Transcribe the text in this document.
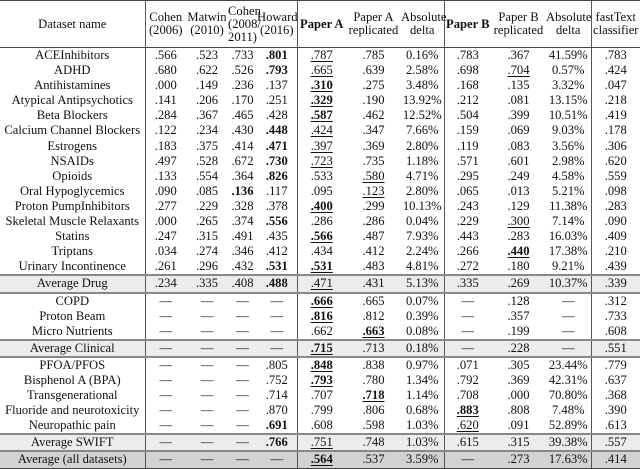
Dataset name	Cohen (2006)	Matwin (2010)	Cohen (2008/ 2011)	Howard (2016)	Paper A	Paper A replicated	Absolute delta	Paper B	Paper B replicated	Absolute delta	fastText classifier
ACEInhibitors	.566	.523	.733	.801	.787	.785	0.16%	.783	.367	41.59%	.783
ADHD	.680	.622	.526	.793	.665	.639	2.58%	.698	.704	0.57%	.424
Antihistamines	.000	.149	.236	.137	.310	.275	3.48%	.168	.135	3.32%	.047
Atypical Antipsychotics	.141	.206	.170	.251	.329	.190	13.92%	.212	.081	13.15%	.218
Beta Blockers	.284	.367	.465	.428	.587	.462	12.52%	.504	.399	10.51%	.419
Calcium Channel Blockers	.122	.234	.430	.448	.424	.347	7.66%	.159	.069	9.03%	.178
Estrogens	.183	.375	.414	.471	.397	.369	2.80%	.119	.083	3.56%	.306
NSAIDs	.497	.528	.672	.730	.723	.735	1.18%	.571	.601	2.98%	.620
Opioids	.133	.554	.364	.826	.533	.580	4.71%	.295	.249	4.58%	.559
Oral Hypoglycemics	.090	.085	.136	.117	.095	.123	2.80%	.065	.013	5.21%	.098
Proton PumpInhibitors	.277	.229	.328	.378	.400	.299	10.13%	.243	.129	11.38%	.283
Skeletal Muscle Relaxants	.000	.265	.374	.556	.286	.286	0.04%	.229	.300	7.14%	.090
Statins	.247	.315	.491	.435	.566	.487	7.93%	.443	.283	16.03%	.409
Triptans	.034	.274	.346	.412	.434	.412	2.24%	.266	.440	17.38%	.210
Urinary Incontinence	.261	.296	.432	.531	.531	.483	4.81%	.272	.180	9.21%	.439
Average Drug	.234	.335	.408	.488	.471	.431	5.13%	.335	.269	10.37%	.339
COPD	—	—	—	—	.666	.665	0.07%	—	.128	—	.312
Proton Beam	—	—	—	—	.816	.812	0.39%	—	.357	—	.733
Micro Nutrients	—	—	—	—	.662	.663	0.08%	—	.199	—	.608
Average Clinical	—	—	—	—	.715	.713	0.18%	—	.228	—	.551
PFOA/PFOS	—	—	—	.805	.848	.838	0.97%	.071	.305	23.44%	.779
Bisphenol A (BPA)	—	—	—	.752	.793	.780	1.34%	.792	.369	42.31%	.637
Transgenerational	—	—	—	.714	.707	.718	1.14%	.708	.000	70.80%	.368
Fluoride and neurotoxicity	—	—	—	.870	.799	.806	0.68%	.883	.808	7.48%	.390
Neuropathic pain	—	—	—	.691	.608	.598	1.03%	.620	.091	52.89%	.613
Average SWIFT	—	—	—	.766	.751	.748	1.03%	.615	.315	39.38%	.557
Average (all datasets)	—	—	—	—	.564	.537	3.59%	—	.273	17.63%	.414
